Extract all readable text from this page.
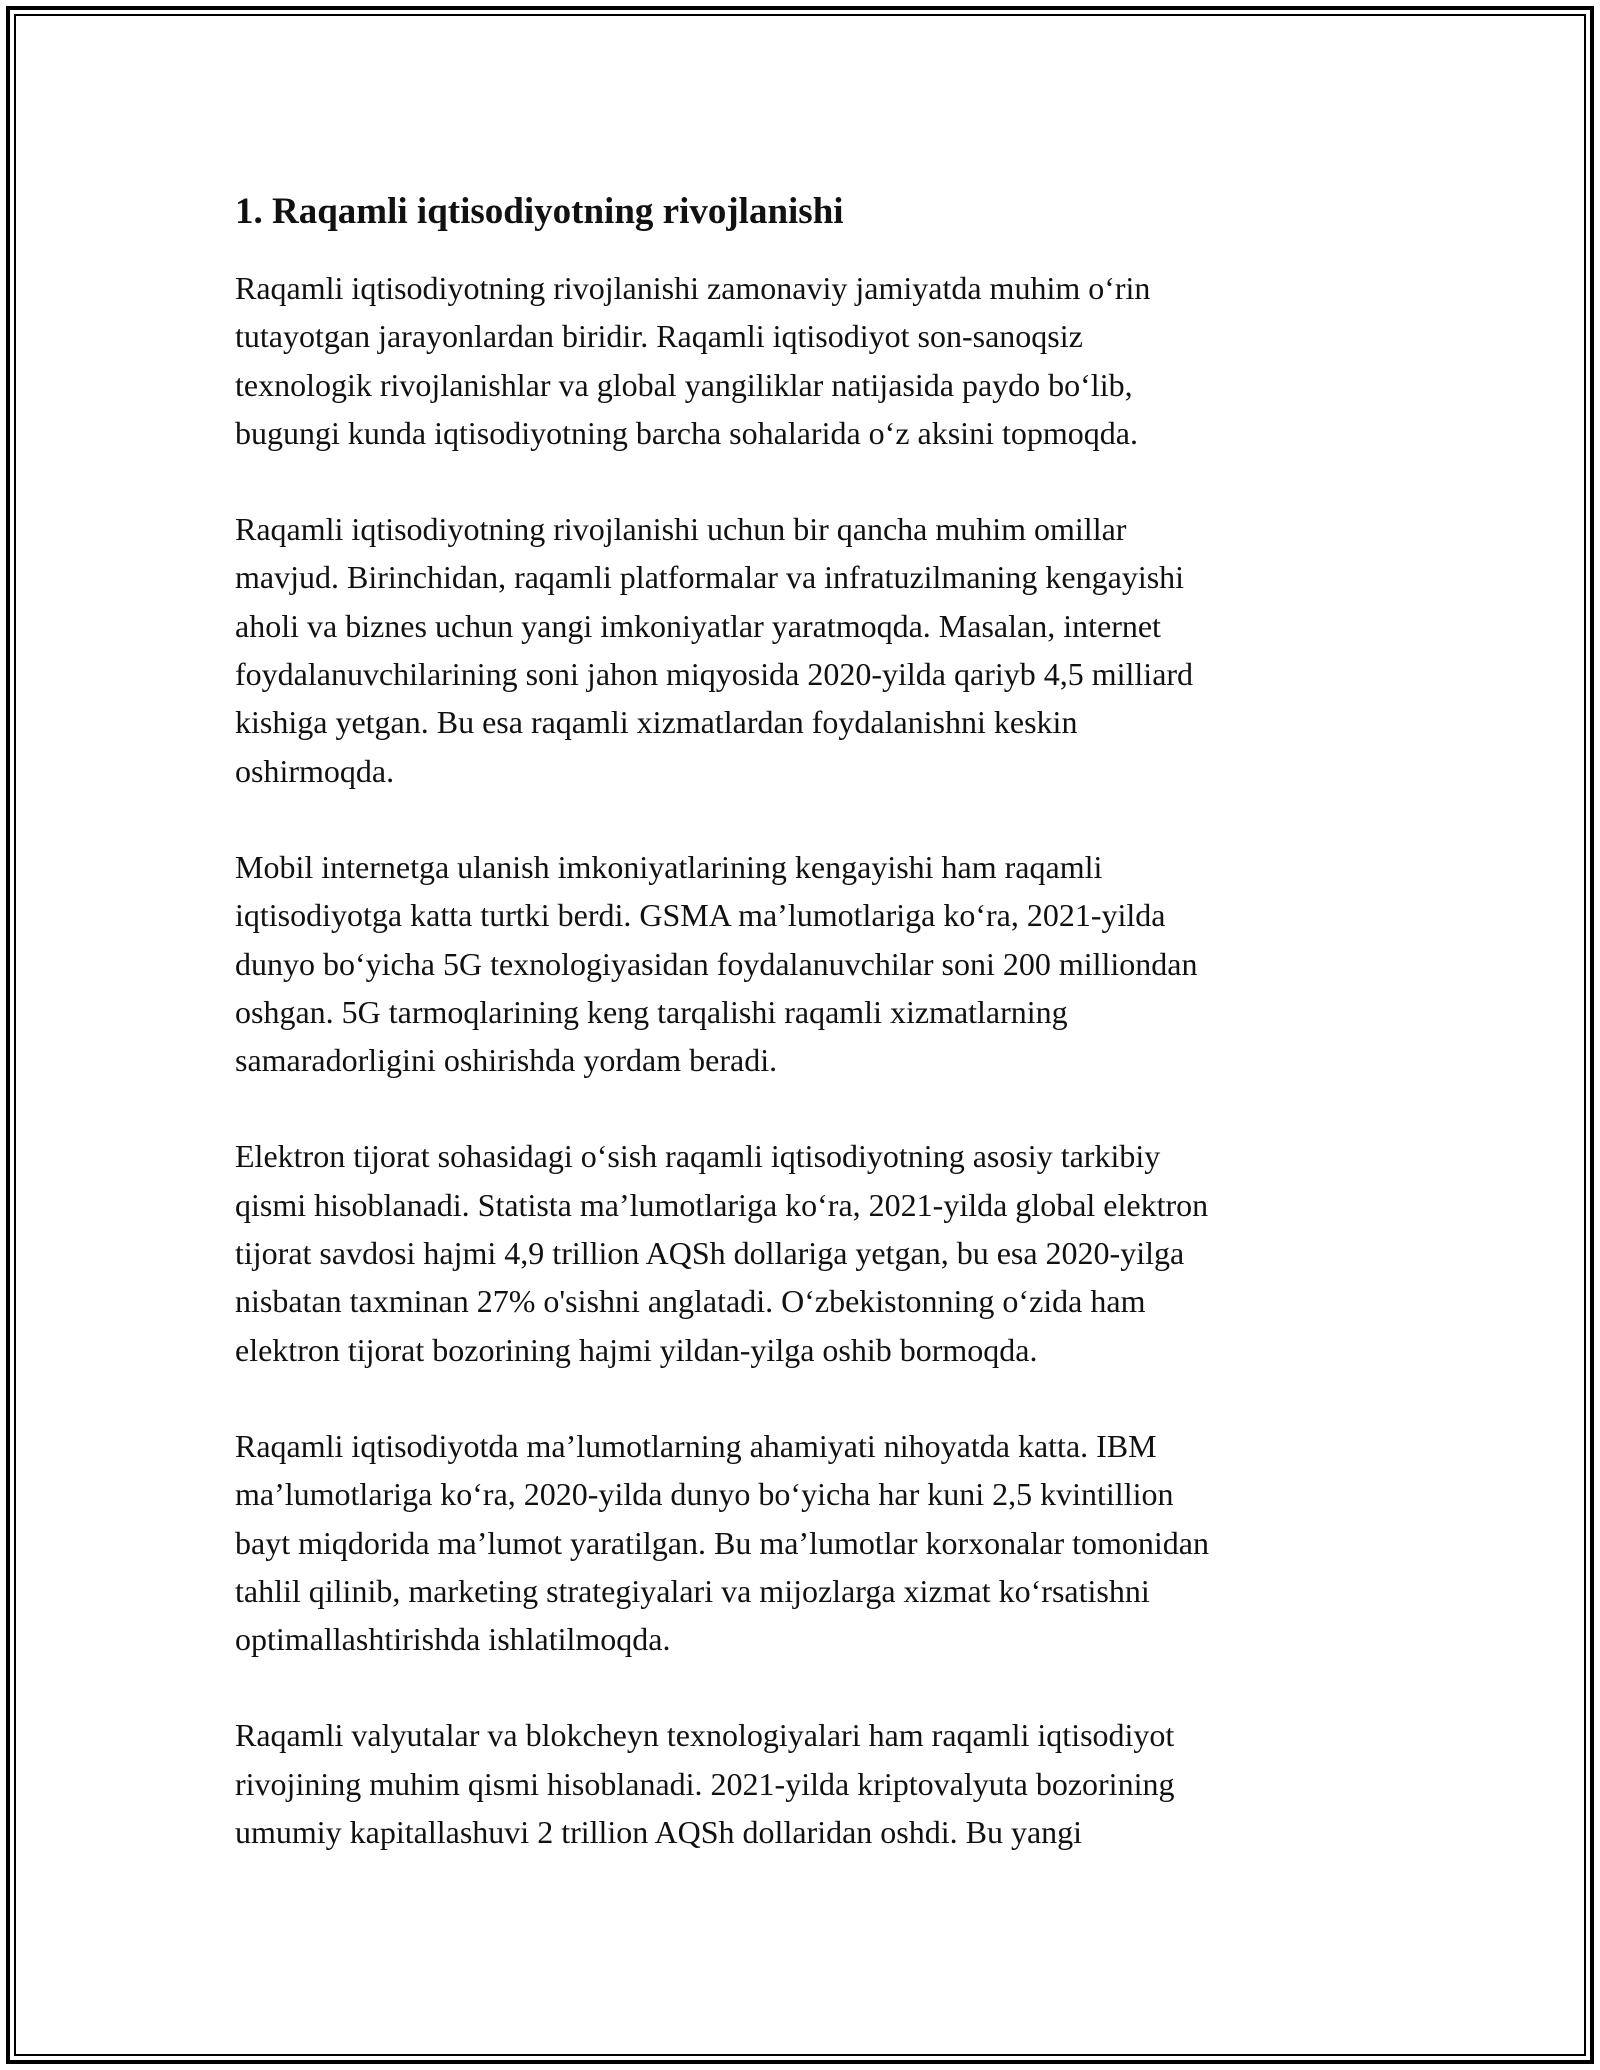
1. Raqamli iqtisodiyotning rivojlanishi

Raqamli iqtisodiyotning rivojlanishi zamonaviy jamiyatda muhim o‘rin
tutayotgan jarayonlardan biridir. Raqamli iqtisodiyot son-sanoqsiz
texnologik rivojlanishlar va global yangiliklar natijasida paydo bo‘lib,
bugungi kunda iqtisodiyotning barcha sohalarida o‘z aksini topmoqda.

Raqamli iqtisodiyotning rivojlanishi uchun bir qancha muhim omillar
mavjud. Birinchidan, raqamli platformalar va infratuzilmaning kengayishi
aholi va biznes uchun yangi imkoniyatlar yaratmoqda. Masalan, internet
foydalanuvchilarining soni jahon miqyosida 2020-yilda qariyb 4,5 milliard
kishiga yetgan. Bu esa raqamli xizmatlardan foydalanishni keskin
oshirmoqda.

Mobil internetga ulanish imkoniyatlarining kengayishi ham raqamli
iqtisodiyotga katta turtki berdi. GSMA ma’lumotlariga ko‘ra, 2021-yilda
dunyo bo‘yicha 5G texnologiyasidan foydalanuvchilar soni 200 milliondan
oshgan. 5G tarmoqlarining keng tarqalishi raqamli xizmatlarning
samaradorligini oshirishda yordam beradi.

Elektron tijorat sohasidagi o‘sish raqamli iqtisodiyotning asosiy tarkibiy
qismi hisoblanadi. Statista ma’lumotlariga ko‘ra, 2021-yilda global elektron
tijorat savdosi hajmi 4,9 trillion AQSh dollariga yetgan, bu esa 2020-yilga
nisbatan taxminan 27% o'sishni anglatadi. O‘zbekistonning o‘zida ham
elektron tijorat bozorining hajmi yildan-yilga oshib bormoqda.

Raqamli iqtisodiyotda ma’lumotlarning ahamiyati nihoyatda katta. IBM
ma’lumotlariga ko‘ra, 2020-yilda dunyo bo‘yicha har kuni 2,5 kvintillion
bayt miqdorida ma’lumot yaratilgan. Bu ma’lumotlar korxonalar tomonidan
tahlil qilinib, marketing strategiyalari va mijozlarga xizmat ko‘rsatishni
optimallashtirishda ishlatilmoqda.

Raqamli valyutalar va blokcheyn texnologiyalari ham raqamli iqtisodiyot
rivojining muhim qismi hisoblanadi. 2021-yilda kriptovalyuta bozorining
umumiy kapitallashuvi 2 trillion AQSh dollaridan oshdi. Bu yangi
